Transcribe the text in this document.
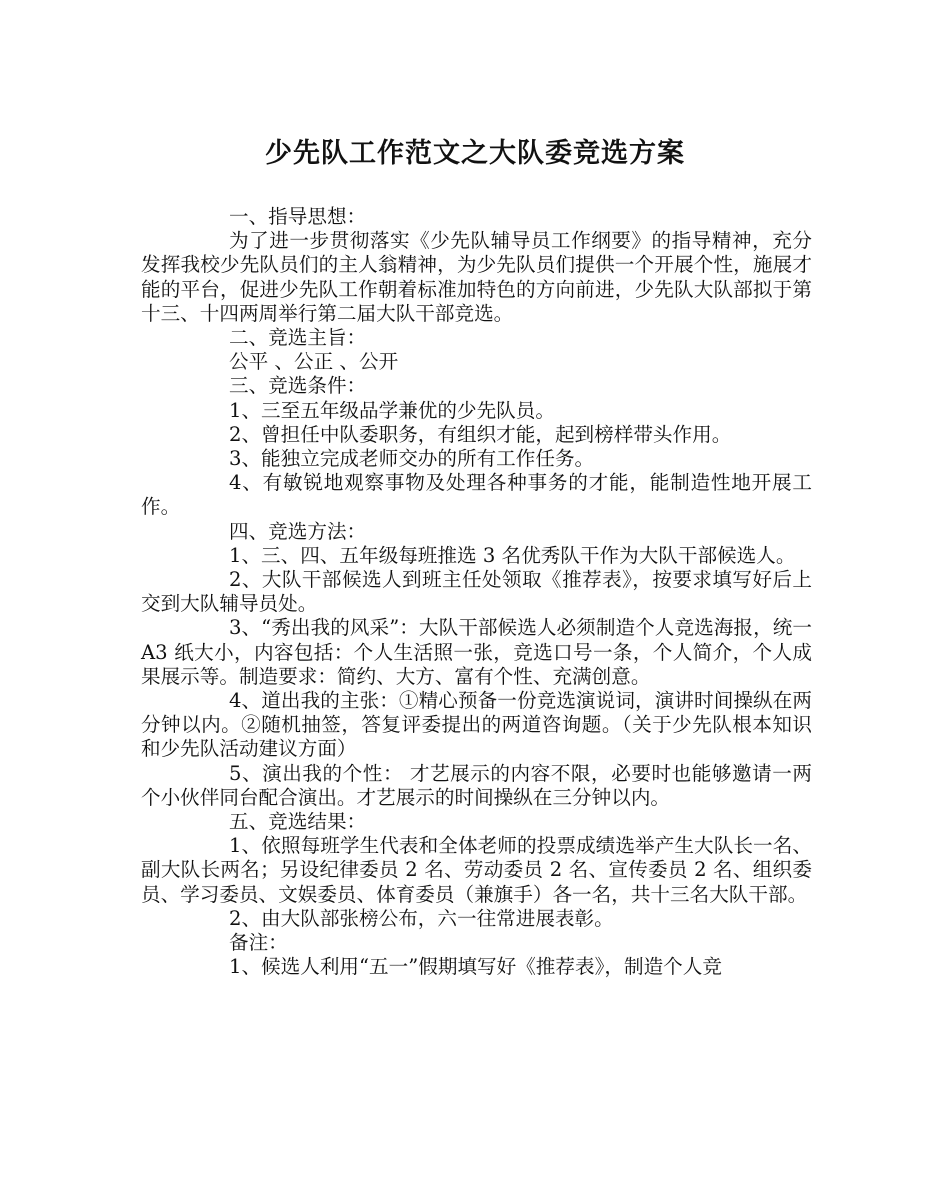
少先队工作范文之大队委竞选方案
一、指导思想：
为了进一步贯彻落实《少先队辅导员工作纲要》的指导精神，充分发挥我校少先队员们的主人翁精神，为少先队员们提供一个开展个性，施展才能的平台，促进少先队工作朝着标准加特色的方向前进，少先队大队部拟于第十三、十四两周举行第二届大队干部竞选。
二、竞选主旨：
公平 、公正 、公开
三、竞选条件：
1、三至五年级品学兼优的少先队员。
2、曾担任中队委职务，有组织才能，起到榜样带头作用。
3、能独立完成老师交办的所有工作任务。
4、有敏锐地观察事物及处理各种事务的才能，能制造性地开展工作。
四、竞选方法：
1、三、四、五年级每班推选 3 名优秀队干作为大队干部候选人。
2、大队干部候选人到班主任处领取《推荐表》，按要求填写好后上交到大队辅导员处。
3、“秀出我的风采”：大队干部候选人必须制造个人竞选海报，统一 A3 纸大小，内容包括：个人生活照一张，竞选口号一条，个人简介，个人成果展示等。制造要求：简约、大方、富有个性、充满创意。
4、道出我的主张：①精心预备一份竞选演说词，演讲时间操纵在两分钟以内。②随机抽签，答复评委提出的两道咨询题。（关于少先队根本知识和少先队活动建议方面）
5、演出我的个性： 才艺展示的内容不限，必要时也能够邀请一两个小伙伴同台配合演出。才艺展示的时间操纵在三分钟以内。
五、竞选结果：
1、依照每班学生代表和全体老师的投票成绩选举产生大队长一名、副大队长两名；另设纪律委员 2 名、劳动委员 2 名、宣传委员 2 名、组织委员、学习委员、文娱委员、体育委员（兼旗手）各一名，共十三名大队干部。
2、由大队部张榜公布，六一往常进展表彰。
备注：
1、候选人利用“五一”假期填写好《推荐表》，制造个人竞
